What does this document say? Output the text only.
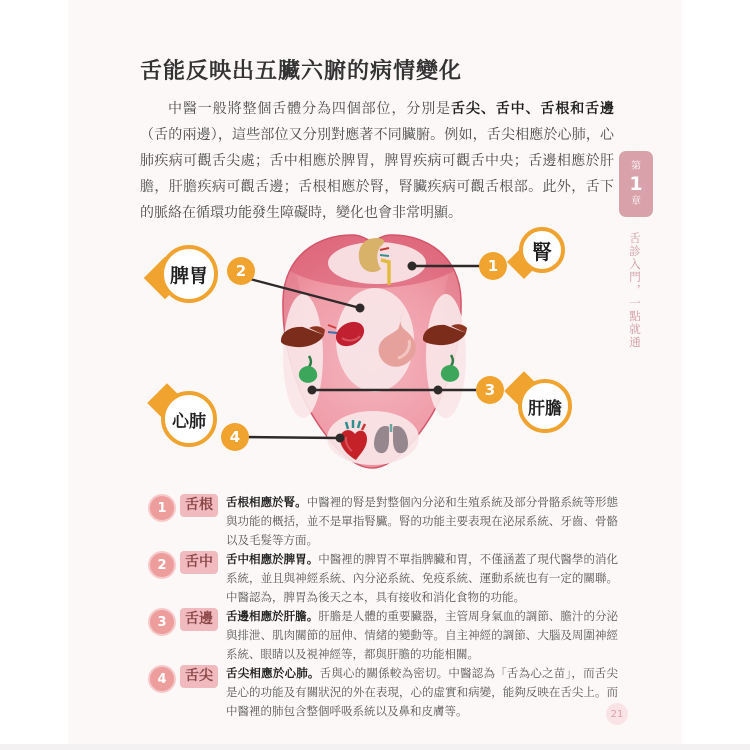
舌能反映出五臟六腑的病情變化

中醫一般將整個舌體分為四個部位，分別是舌尖、舌中、舌根和舌邊（舌的兩邊），這些部位又分別對應著不同臟腑。例如，舌尖相應於心肺，心肺疾病可觀舌尖處；舌中相應於脾胃，脾胃疾病可觀舌中央；舌邊相應於肝膽，肝膽疾病可觀舌邊；舌根相應於腎，腎臟疾病可觀舌根部。此外，舌下的脈絡在循環功能發生障礙時，變化也會非常明顯。

第
1
章
舌診入門，一點就通
1
2
3
4
腎
脾胃
肝膽
心肺
1	舌根	舌根相應於腎。中醫裡的腎是對整個內分泌和生殖系統及部分骨骼系統等形態與功能的概括，並不是單指腎臟。腎的功能主要表現在泌尿系統、牙齒、骨骼以及毛髮等方面。
2	舌中	舌中相應於脾胃。中醫裡的脾胃不單指脾臟和胃，不僅涵蓋了現代醫學的消化系統，並且與神經系統、內分泌系統、免疫系統、運動系統也有一定的關聯。中醫認為，脾胃為後天之本，具有接收和消化食物的功能。
3	舌邊	舌邊相應於肝膽。肝膽是人體的重要臟器，主管周身氣血的調節、膽汁的分泌與排泄、肌肉關節的屈伸、情緒的變動等。自主神經的調節、大腦及周圍神經系統、眼睛以及視神經等，都與肝膽的功能相關。
4	舌尖	舌尖相應於心肺。舌與心的關係較為密切。中醫認為「舌為心之苗」，而舌尖是心的功能及有關狀況的外在表現，心的虛實和病變，能夠反映在舌尖上。而中醫裡的肺包含整個呼吸系統以及鼻和皮膚等。	21
